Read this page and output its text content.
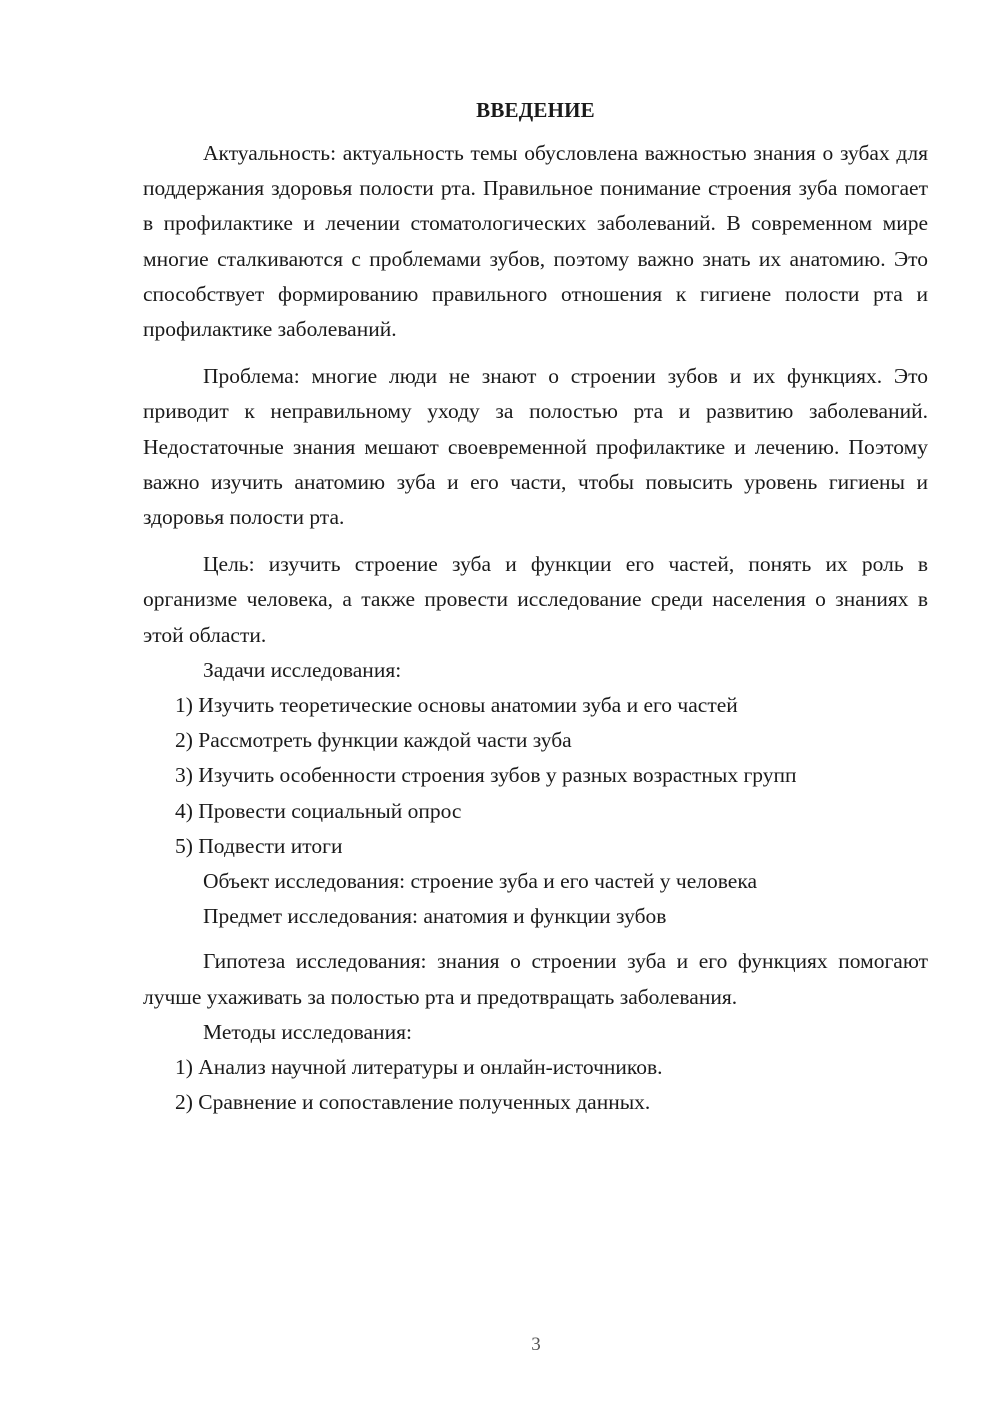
ВВЕДЕНИЕ

Актуальность: актуальность темы обусловлена важностью знания о зубах для поддержания здоровья полости рта. Правильное понимание строения зуба помогает в профилактике и лечении стоматологических заболеваний. В современном мире многие сталкиваются с проблемами зубов, поэтому важно знать их анатомию. Это способствует формированию правильного отношения к гигиене полости рта и профилактике заболеваний.

Проблема: многие люди не знают о строении зубов и их функциях. Это приводит к неправильному уходу за полостью рта и развитию заболеваний. Недостаточные знания мешают своевременной профилактике и лечению. Поэтому важно изучить анатомию зуба и его части, чтобы повысить уровень гигиены и здоровья полости рта.

Цель: изучить строение зуба и функции его частей, понять их роль в организме человека, а также провести исследование среди населения о знаниях в этой области.

Задачи исследования:

1) Изучить теоретические основы анатомии зуба и его частей

2) Рассмотреть функции каждой части зуба

3) Изучить особенности строения зубов у разных возрастных групп

4) Провести социальный опрос

5) Подвести итоги

Объект исследования: строение зуба и его частей у человека

Предмет исследования: анатомия и функции зубов

Гипотеза исследования: знания о строении зуба и его функциях помогают лучше ухаживать за полостью рта и предотвращать заболевания.

Методы исследования:

1) Анализ научной литературы и онлайн-источников.

2) Сравнение и сопоставление полученных данных.

3
